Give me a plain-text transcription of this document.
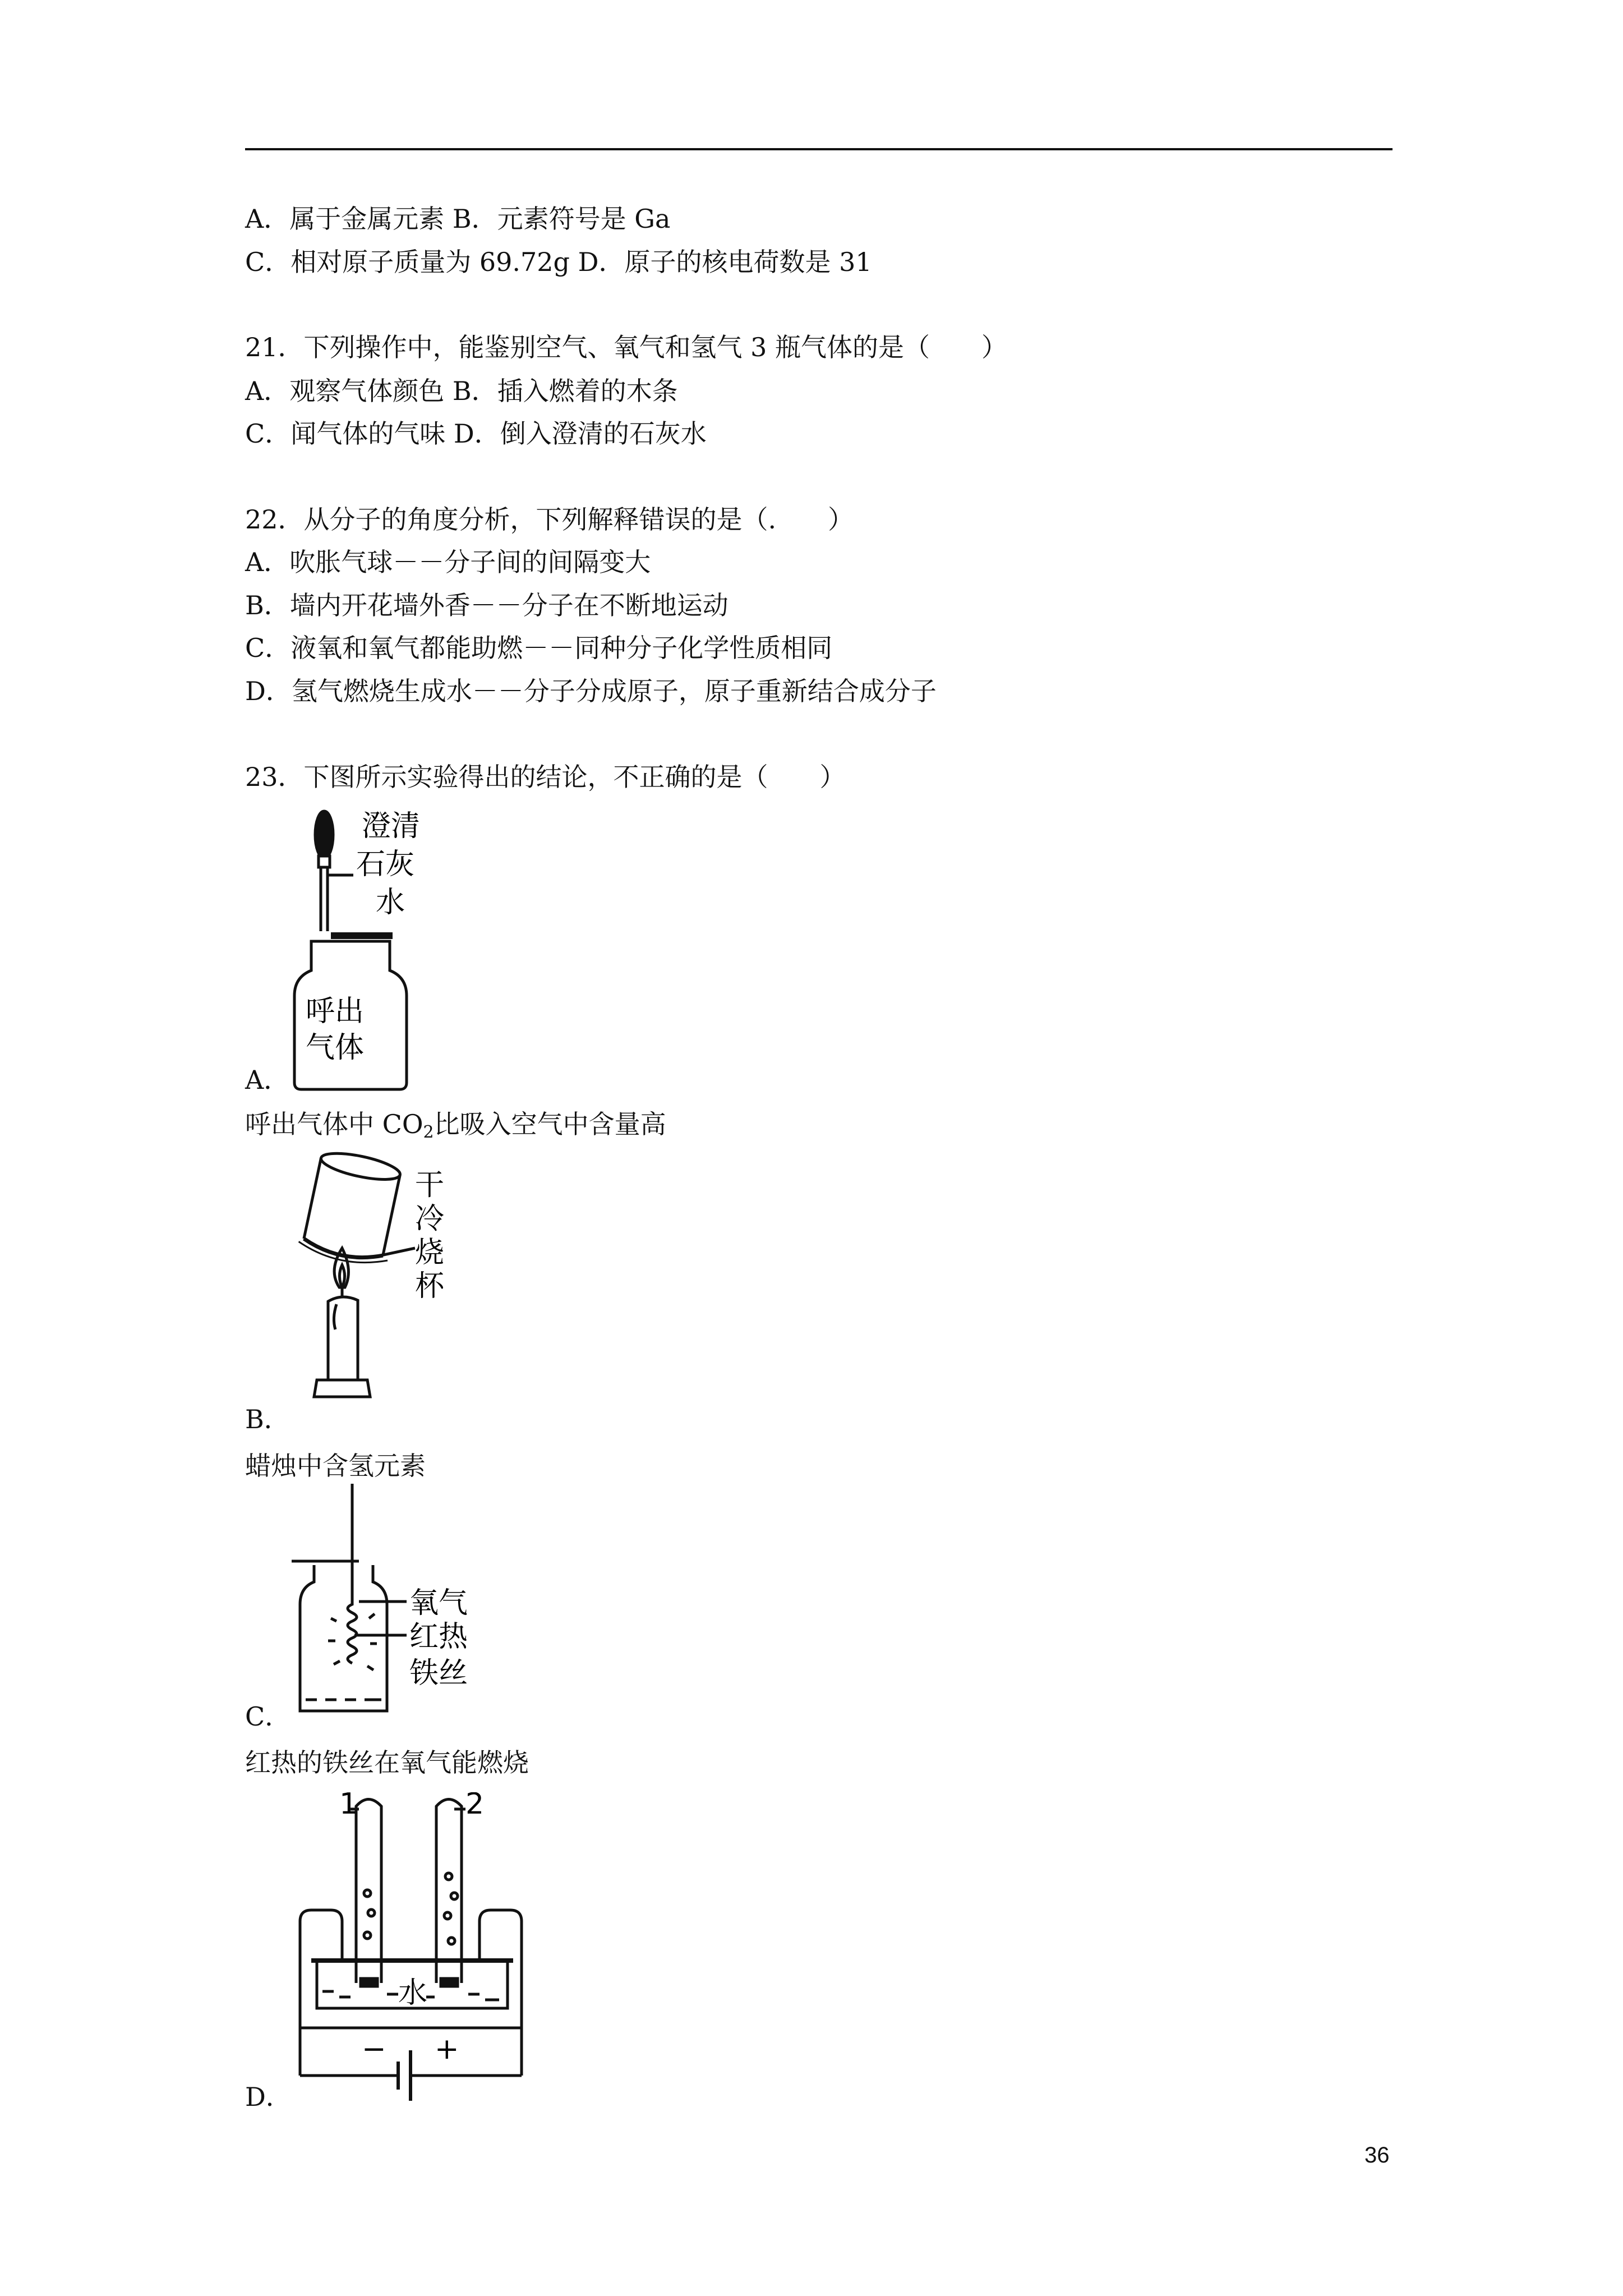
A．属于金属元素 B．元素符号是 Ga
C．相对原子质量为 69.72g D．原子的核电荷数是 31
21．下列操作中，能鉴别空气、氧气和氢气 3 瓶气体的是（　　）
A．观察气体颜色 B．插入燃着的木条
C．闻气体的气味 D．倒入澄清的石灰水
22．从分子的角度分析，下列解释错误的是（.　　）
A．吹胀气球－－分子间的间隔变大
B．墙内开花墙外香－－分子在不断地运动
C．液氧和氧气都能助燃－－同种分子化学性质相同
D．氢气燃烧生成水－－分子分成原子，原子重新结合成分子
23．下图所示实验得出的结论，不正确的是（　　）
澄清
石灰
水
呼出
气体
A．
呼出气体中 $CO_2$比吸入空气中含量高
干
冷
烧
杯
B．
蜡烛中含氢元素
氧气
红热
铁丝
C．
红热的铁丝在氧气能燃烧
1	2
水
− +
D．
36
